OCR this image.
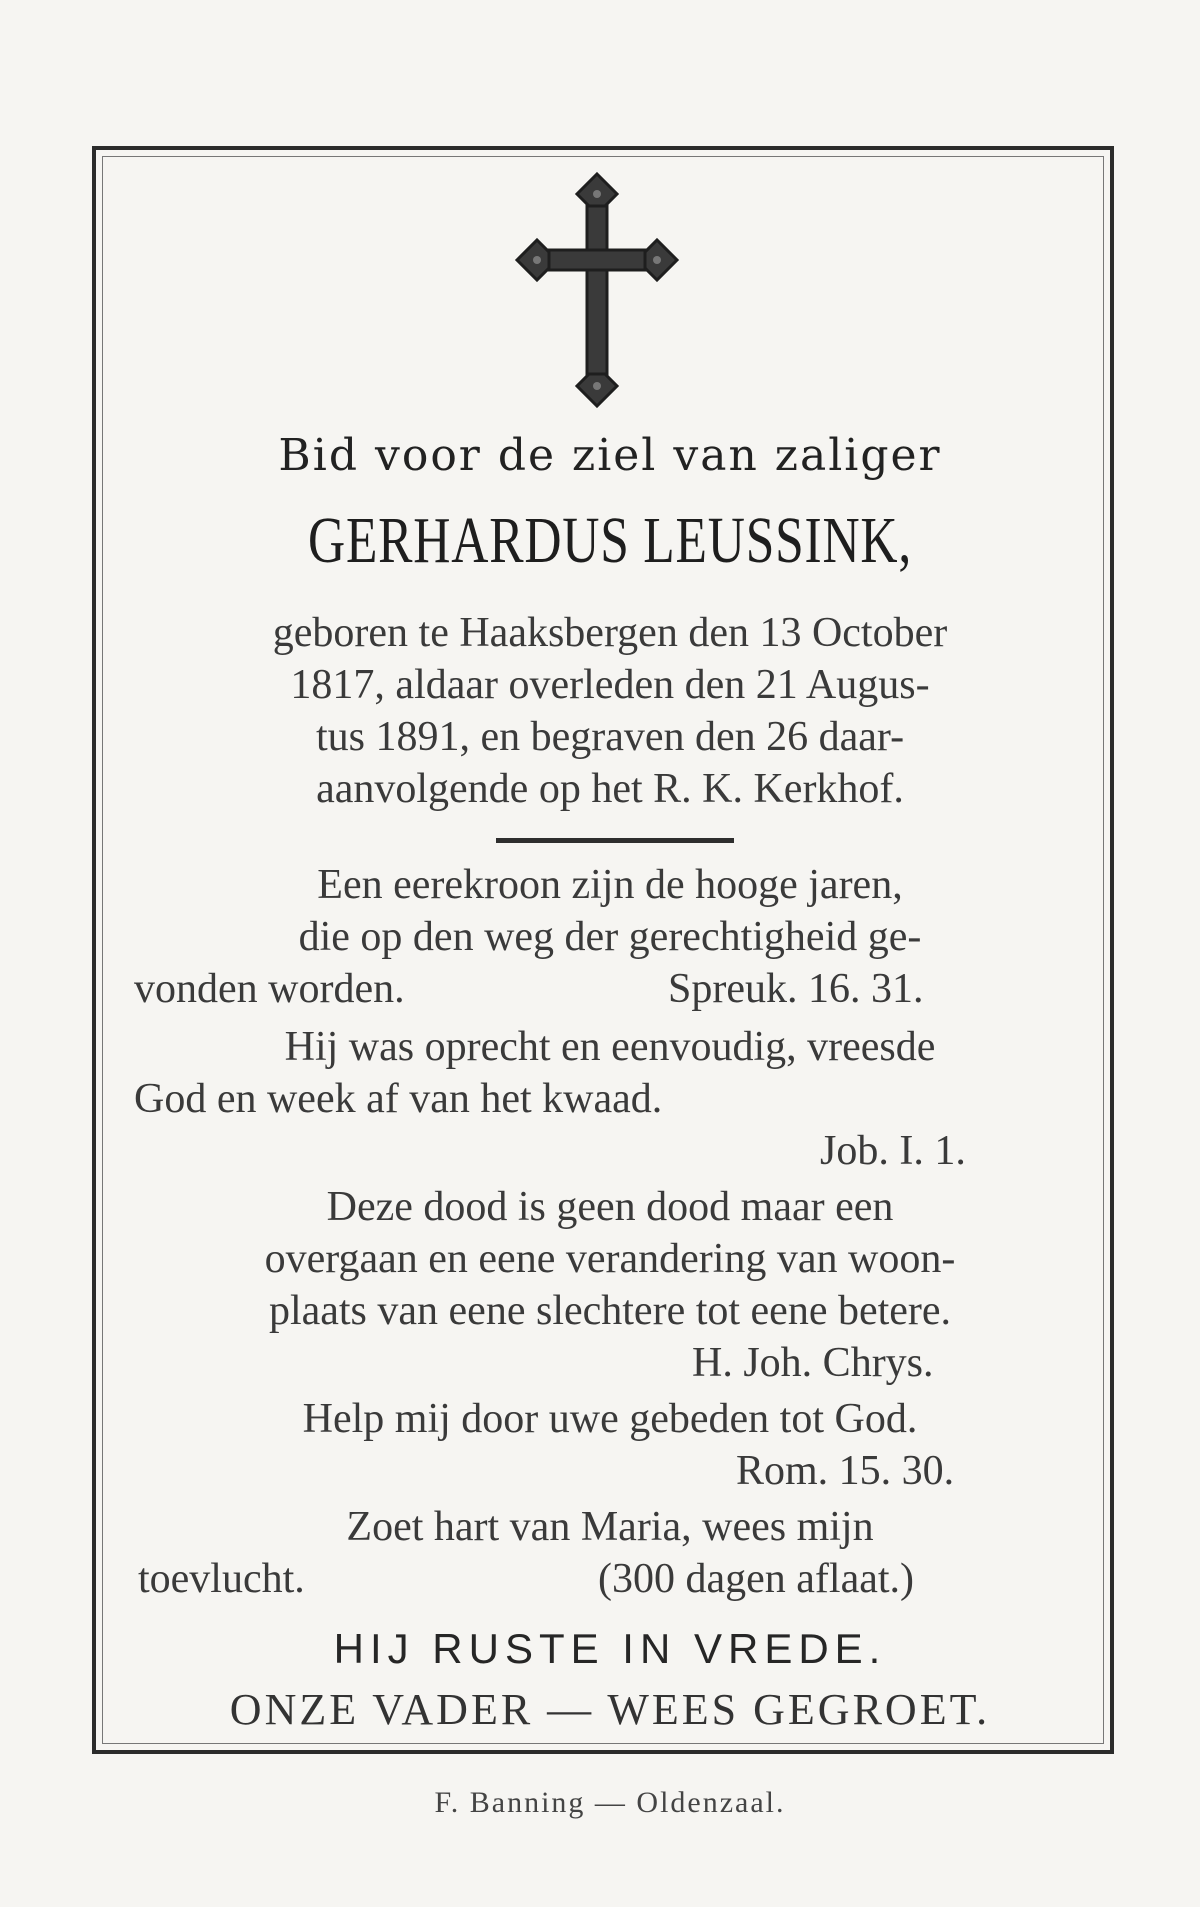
Bid voor de ziel van zaliger
GERHARDUS LEUSSINK,
geboren te Haaksbergen den 13 October
1817, aldaar overleden den 21 Augus-
tus 1891, en begraven den 26 daar-
aanvolgende op het R. K. Kerkhof.
Een eerekroon zijn de hooge jaren,
die op den weg der gerechtigheid ge-
vonden worden.	Spreuk. 16. 31.
Hij was oprecht en eenvoudig, vreesde
God en week af van het kwaad.
Job. I. 1.
Deze dood is geen dood maar een
overgaan en eene verandering van woon-
plaats van eene slechtere tot eene betere.
H. Joh. Chrys.
Help mij door uwe gebeden tot God.
Rom. 15. 30.
Zoet hart van Maria, wees mijn
toevlucht.	(300 dagen aflaat.)
HIJ RUSTE IN VREDE.
ONZE VADER — WEES GEGROET.
F. Banning — Oldenzaal.
